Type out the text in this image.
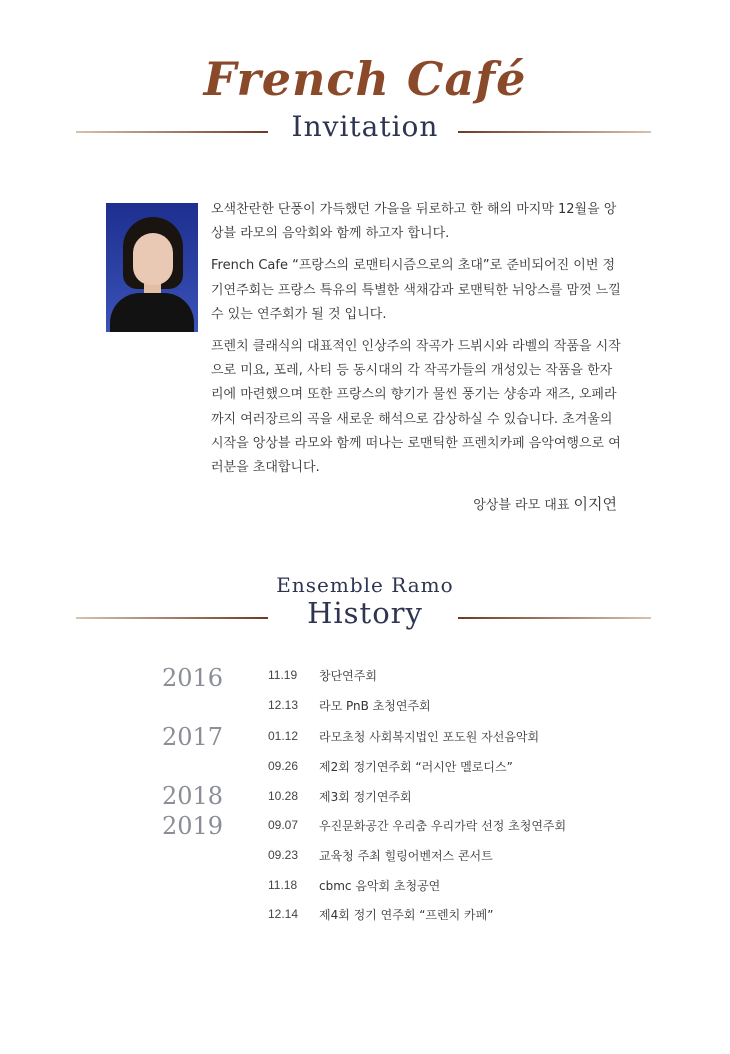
French Café
Invitation

오색찬란한 단풍이 가득했던 가을을 뒤로하고 한 해의 마지막 12월을 앙상블 라모의 음악회와 함께 하고자 합니다.

French Cafe “프랑스의 로맨티시즘으로의 초대”로 준비되어진 이번 정기연주회는 프랑스 특유의 특별한 색채감과 로맨틱한 뉘앙스를 맘껏 느낄 수 있는 연주회가 될 것 입니다.

프렌치 클래식의 대표적인 인상주의 작곡가 드뷔시와 라벨의 작품을 시작으로 미요, 포레, 사티 등 동시대의 각 작곡가들의 개성있는 작품을 한자리에 마련했으며 또한 프랑스의 향기가 물씬 풍기는 샹송과 재즈, 오페라까지 여러장르의 곡을 새로운 해석으로 감상하실 수 있습니다. 초겨울의 시작을 앙상블 라모와 함께 떠나는 로맨틱한 프렌치카페 음악여행으로 여러분을 초대합니다.

앙상블 라모 대표 이지연
Ensemble Ramo
History
2016
2017
2018
2019
11.19 창단연주회
12.13 라모 PnB 초청연주회
01.12 라모초청 사회복지법인 포도원 자선음악회
09.26 제2회 정기연주회 “러시안 멜로디스”
10.28 제3회 정기연주회
09.07 우진문화공간 우리춤 우리가락 선정 초청연주회
09.23 교육청 주최 힐링어벤저스 콘서트
11.18 cbmc 음악회 초청공연
12.14 제4회 정기 연주회 “프렌치 카페”
